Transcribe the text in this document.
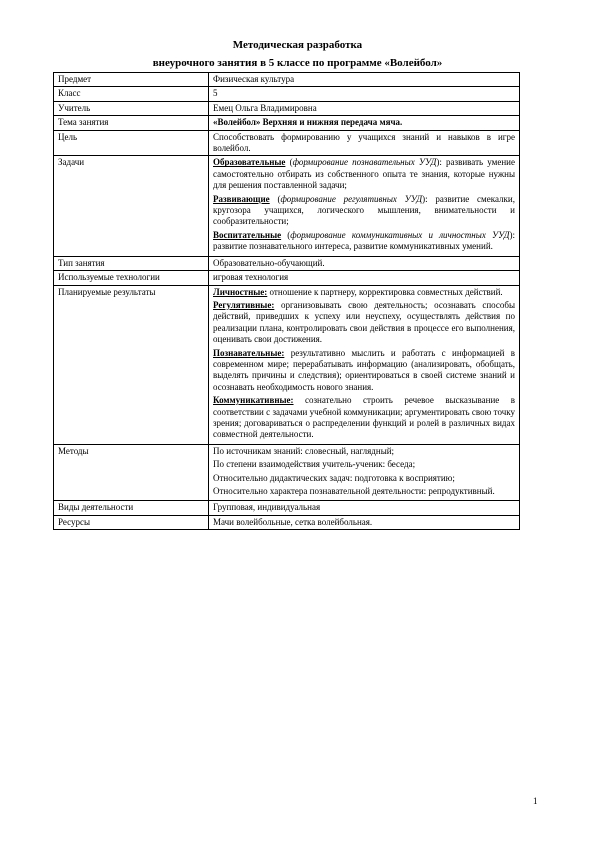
Методическая разработка
внеурочного занятия в 5 классе по программе «Волейбол»
Предмет	Физическая культура
Класс	5
Учитель	Емец Ольга Владимировна
Тема занятия	«Волейбол» Верхняя и нижняя передача мяча.
Цель	Способствовать формированию у учащихся знаний и навыков в игре волейбол.
Задачи	Образовательные (формирование познавательных УУД): развивать умение самостоятельно отбирать из собственного опыта те знания, которые нужны для решения поставленной задачи;

Развивающие (формирование регулятивных УУД): развитие смекалки, кругозора учащихся, логического мышления, внимательности и сообразительности;

Воспитательные (формирование коммуникативных и личностных УУД): развитие познавательного интереса, развитие коммуникативных умений.

Тип занятия	Образовательно-обучающий.
Используемые технологии	игровая технология
Планируемые результаты	Личностные: отношение к партнеру, корректировка совместных действий.

Регулятивные: организовывать свою деятельность; осознавать способы действий, приведших к успеху или неуспеху, осуществлять действия по реализации плана, контролировать свои действия в процессе его выполнения, оценивать свои достижения.

Познавательные: результативно мыслить и работать с информацией в современном мире; перерабатывать информацию (анализировать, обобщать, выделять причины и следствия); ориентироваться в своей системе знаний и осознавать необходимость нового знания.

Коммуникативные: сознательно строить речевое высказывание в соответствии с задачами учебной коммуникации; аргументировать свою точку зрения; договариваться о распределении функций и ролей в различных видах совместной деятельности.

Методы	По источникам знаний: словесный, наглядный;

По степени взаимодействия учитель-ученик: беседа;

Относительно дидактических задач: подготовка к восприятию;

Относительно характера познавательной деятельности: репродуктивный.

Виды деятельности	Групповая, индивидуальная
Ресурсы	Мачи волейбольные, сетка волейбольная.
1
